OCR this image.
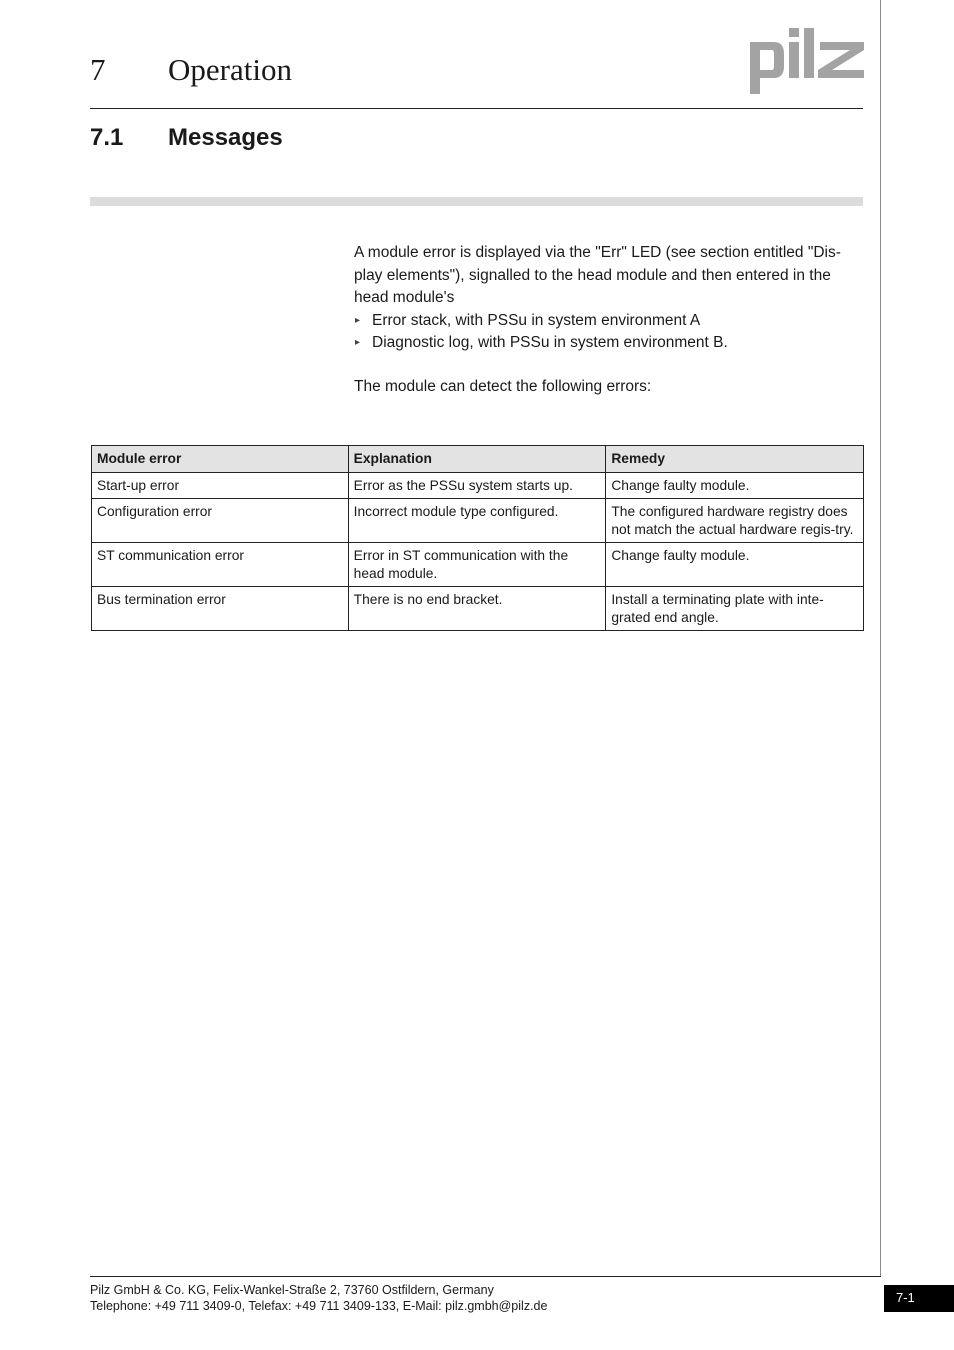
7 Operation
7.1 Messages

A module error is displayed via the "Err" LED (see section entitled "Dis-play elements"), signalled to the head module and then entered in the head module's

▸ Error stack, with PSSu in system environment A
▸ Diagnostic log, with PSSu in system environment B.

The module can detect the following errors:

Module error	Explanation	Remedy
Start-up error	Error as the PSSu system starts up.	Change faulty module.
Configuration error	Incorrect module type configured.	The configured hardware registry does not match the actual hardware regis-try.
ST communication error	Error in ST communication with the head module.	Change faulty module.
Bus termination error	There is no end bracket.	Install a terminating plate with inte-grated end angle.
Pilz GmbH & Co. KG, Felix-Wankel-Straße 2, 73760 Ostfildern, Germany
Telephone: +49 711 3409-0, Telefax: +49 711 3409-133, E-Mail: pilz.gmbh@pilz.de
7-1
